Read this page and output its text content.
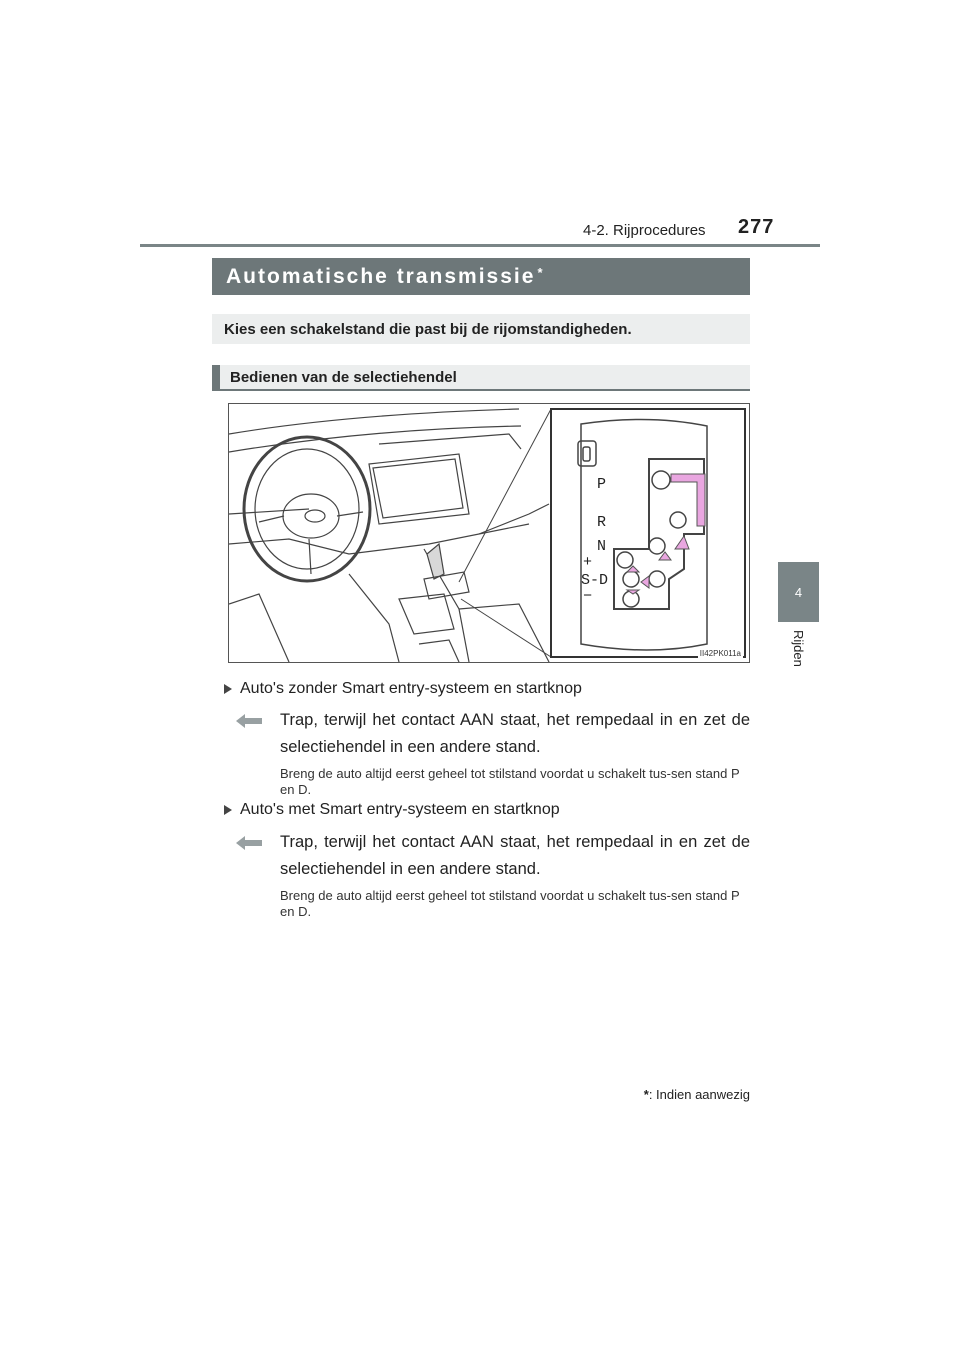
4-2. Rijprocedures 277
4
Rijden
Automatische transmissie*
Kies een schakelstand die past bij de rijomstandigheden.
Bedienen van de selectiehendel
P
R
N
+
S-D
−
II42PK011a
Auto's zonder Smart entry-systeem en startknop
Trap, terwijl het contact AAN staat, het rempedaal in en zet de selectiehendel in een andere stand.
Breng de auto altijd eerst geheel tot stilstand voordat u schakelt tus-sen stand P en D.
Auto's met Smart entry-systeem en startknop
Trap, terwijl het contact AAN staat, het rempedaal in en zet de selectiehendel in een andere stand.
Breng de auto altijd eerst geheel tot stilstand voordat u schakelt tus-sen stand P en D.
*: Indien aanwezig
